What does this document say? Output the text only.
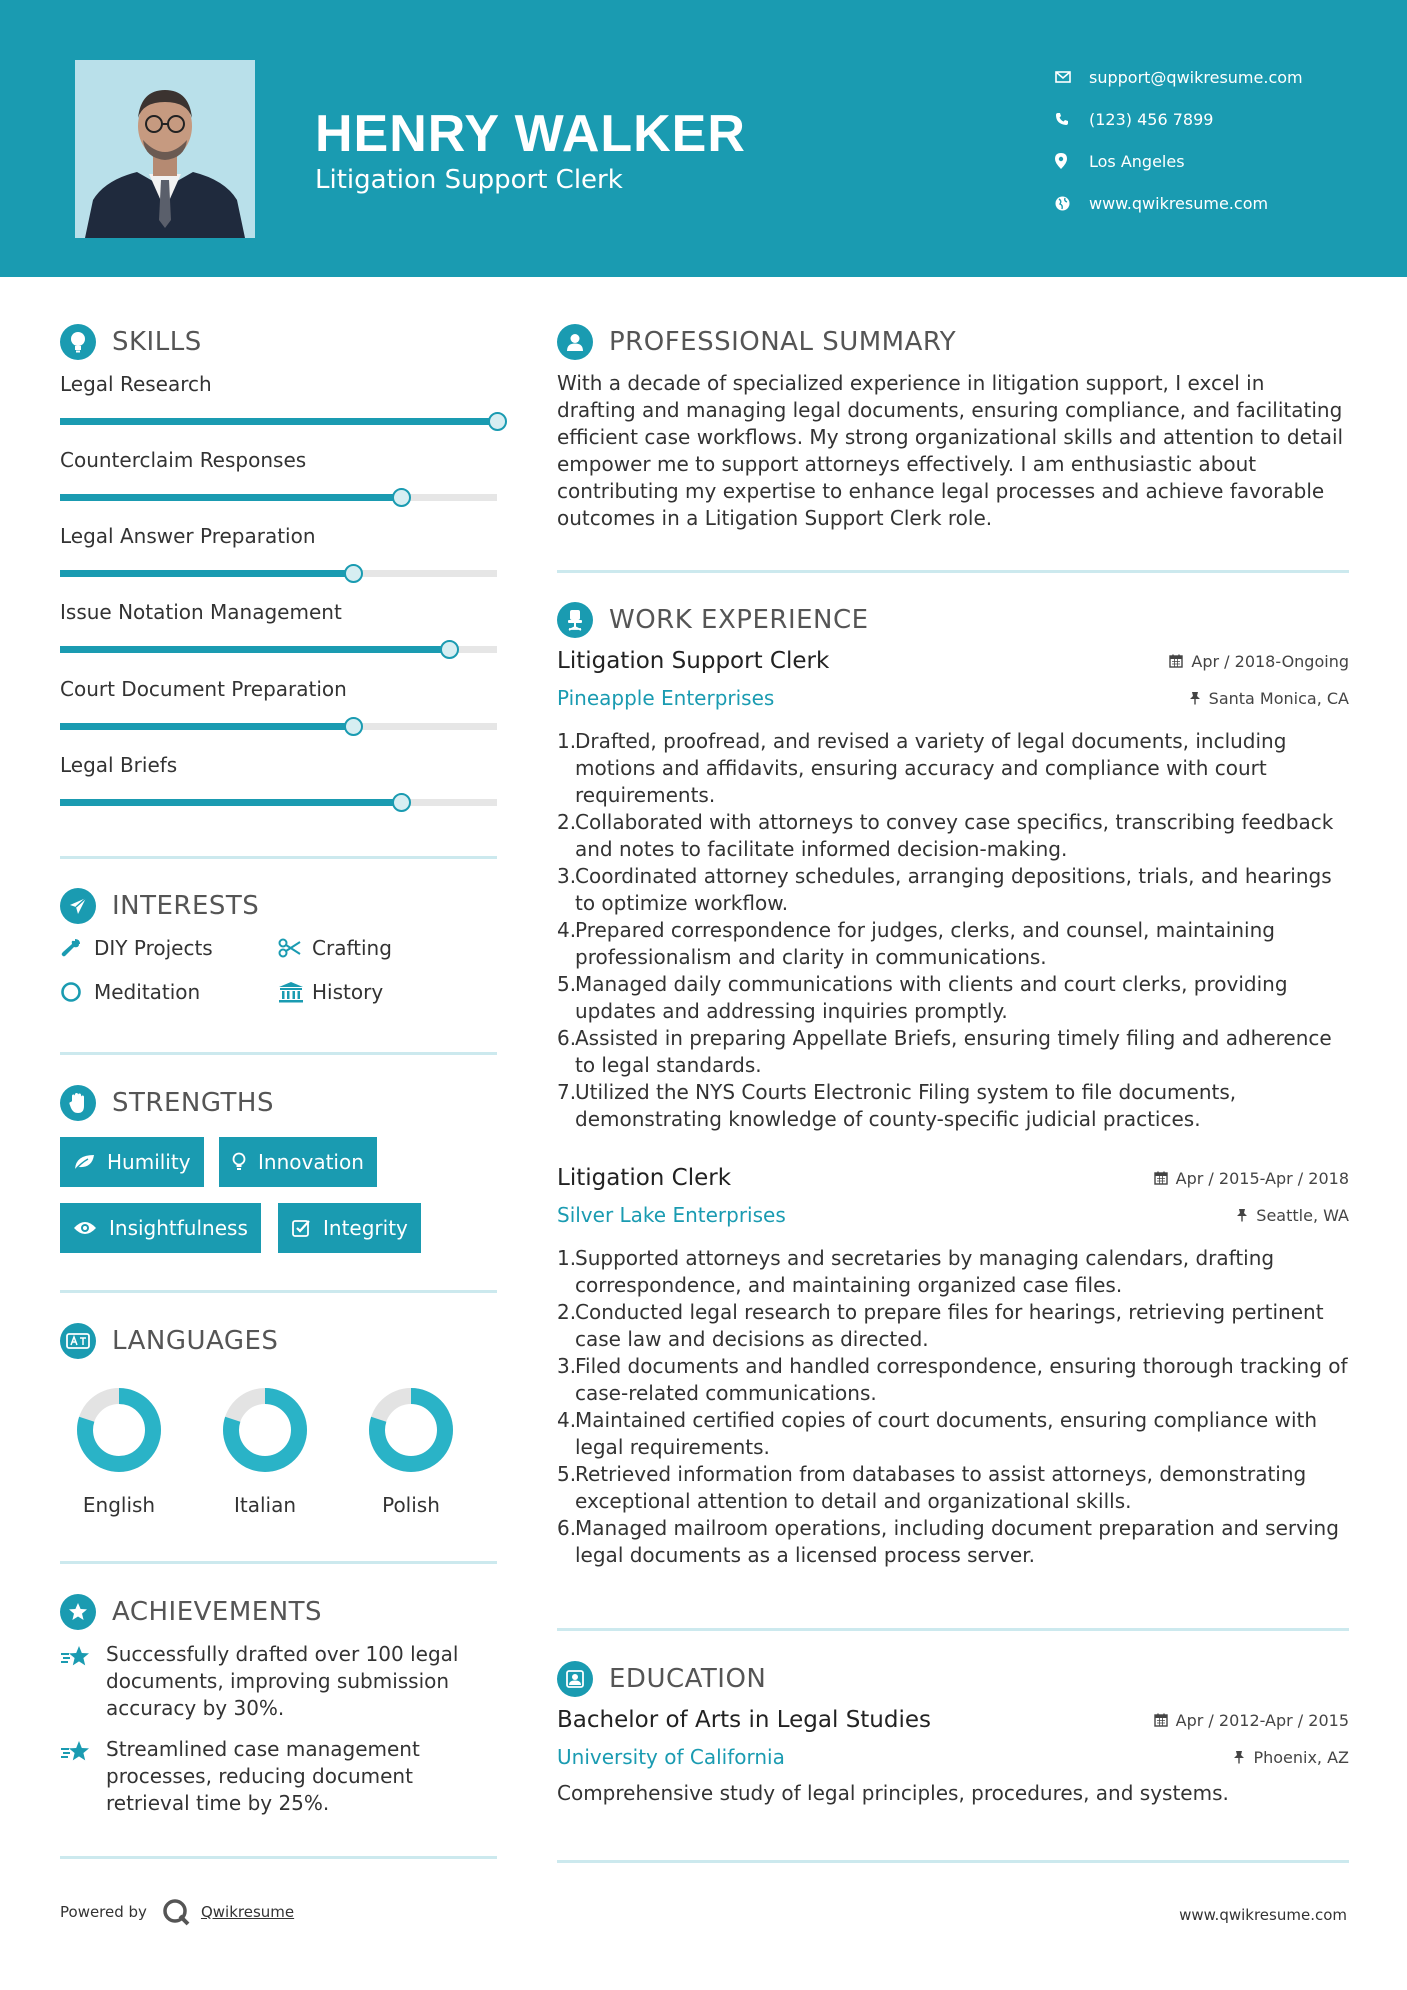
HENRY WALKER
Litigation Support Clerk
support@qwikresume.com
(123) 456 7899
Los Angeles
www.qwikresume.com
SKILLS
Legal Research
Counterclaim Responses
Legal Answer Preparation
Issue Notation Management
Court Document Preparation
Legal Briefs
INTERESTS
DIY Projects	Crafting
Meditation	History
STRENGTHS
Humility	Innovation
Insightfulness	Integrity
LANGUAGES
English	Italian	Polish
ACHIEVEMENTS
Successfully drafted over 100 legal documents, improving submission accuracy by 30%.
Streamlined case management processes, reducing document retrieval time by 25%.
PROFESSIONAL SUMMARY
With a decade of specialized experience in litigation support, I excel in drafting and managing legal documents, ensuring compliance, and facilitating efficient case workflows. My strong organizational skills and attention to detail empower me to support attorneys effectively. I am enthusiastic about contributing my expertise to enhance legal processes and achieve favorable outcomes in a Litigation Support Clerk role.
WORK EXPERIENCE
Litigation Support Clerk	Apr / 2018-Ongoing
Pineapple Enterprises	Santa Monica, CA
1.
Drafted, proofread, and revised a variety of legal documents, including motions and affidavits, ensuring accuracy and compliance with court requirements.
2.
Collaborated with attorneys to convey case specifics, transcribing feedback and notes to facilitate informed decision-making.
3.
Coordinated attorney schedules, arranging depositions, trials, and hearings to optimize workflow.
4.
Prepared correspondence for judges, clerks, and counsel, maintaining professionalism and clarity in communications.
5.
Managed daily communications with clients and court clerks, providing updates and addressing inquiries promptly.
6.
Assisted in preparing Appellate Briefs, ensuring timely filing and adherence to legal standards.
7.
Utilized the NYS Courts Electronic Filing system to file documents, demonstrating knowledge of county-specific judicial practices.
Litigation Clerk	Apr / 2015-Apr / 2018
Silver Lake Enterprises	Seattle, WA
1.
Supported attorneys and secretaries by managing calendars, drafting correspondence, and maintaining organized case files.
2.
Conducted legal research to prepare files for hearings, retrieving pertinent case law and decisions as directed.
3.
Filed documents and handled correspondence, ensuring thorough tracking of case-related communications.
4.
Maintained certified copies of court documents, ensuring compliance with legal requirements.
5.
Retrieved information from databases to assist attorneys, demonstrating exceptional attention to detail and organizational skills.
6.
Managed mailroom operations, including document preparation and serving legal documents as a licensed process server.
EDUCATION
Bachelor of Arts in Legal Studies	Apr / 2012-Apr / 2015
University of California	Phoenix, AZ
Comprehensive study of legal principles, procedures, and systems.
Powered by	Qwikresume	www.qwikresume.com
